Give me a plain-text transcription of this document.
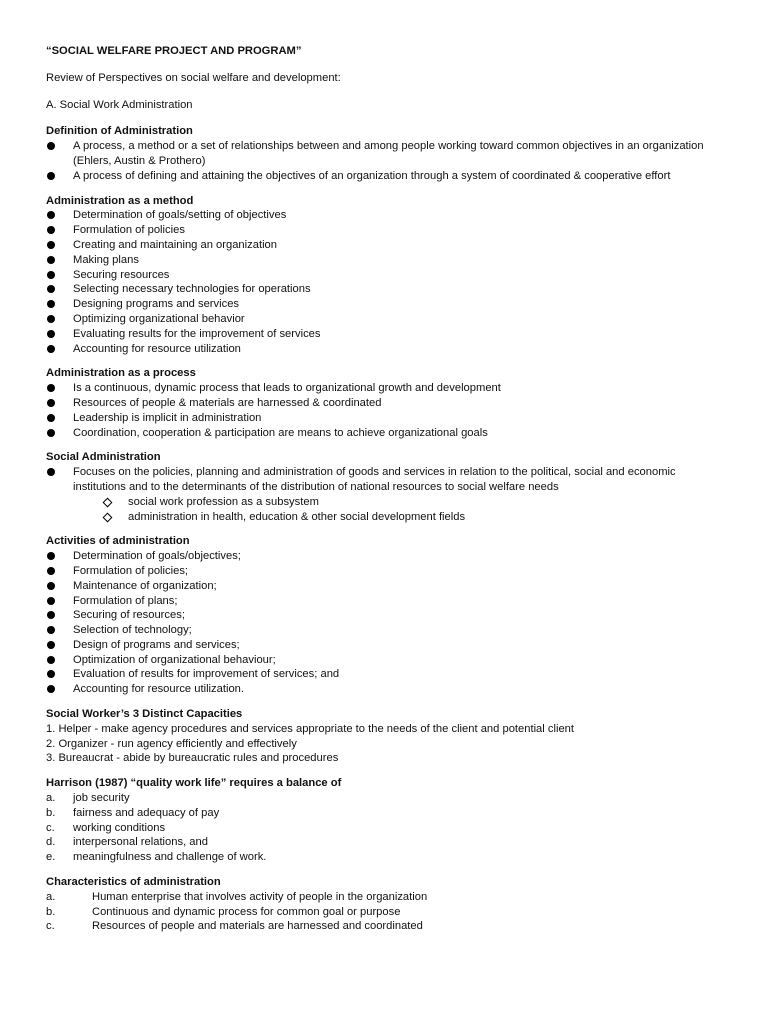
“SOCIAL WELFARE PROJECT AND PROGRAM”
Review of Perspectives on social welfare and development:
A. Social Work Administration
Definition of Administration
A process, a method or a set of relationships between and among people working toward common objectives in an organization (Ehlers, Austin & Prothero)
A process of defining and attaining the objectives of an organization through a system of coordinated & cooperative effort
Administration as a method
Determination of goals/setting of objectives
Formulation of policies
Creating and maintaining an organization
Making plans
Securing resources
Selecting necessary technologies for operations
Designing programs and services
Optimizing organizational behavior
Evaluating results for the improvement of services
Accounting for resource utilization
Administration as a process
Is a continuous, dynamic process that leads to organizational growth and development
Resources of people & materials are harnessed & coordinated
Leadership is implicit in administration
Coordination, cooperation & participation are means to achieve organizational goals
Social Administration
Focuses on the policies, planning and administration of goods and services in relation to the political, social and economic institutions and to the determinants of the distribution of national resources to social welfare needs
social work profession as a subsystem
administration in health, education & other social development fields
Activities of administration
Determination of goals/objectives;
Formulation of policies;
Maintenance of organization;
Formulation of plans;
Securing of resources;
Selection of technology;
Design of programs and services;
Optimization of organizational behaviour;
Evaluation of results for improvement of services; and
Accounting for resource utilization.
Social Worker’s 3 Distinct Capacities
1. Helper - make agency procedures and services appropriate to the needs of the client and potential client
2. Organizer - run agency efficiently and effectively
3. Bureaucrat - abide by bureaucratic rules and procedures
Harrison (1987) “quality work life” requires a balance of
a. job security
b. fairness and adequacy of pay
c. working conditions
d. interpersonal relations, and
e. meaningfulness and challenge of work.
Characteristics of administration
a.	Human enterprise that involves activity of people in the organization
b.	Continuous and dynamic process for common goal or purpose
c.	Resources of people and materials are harnessed and coordinated
